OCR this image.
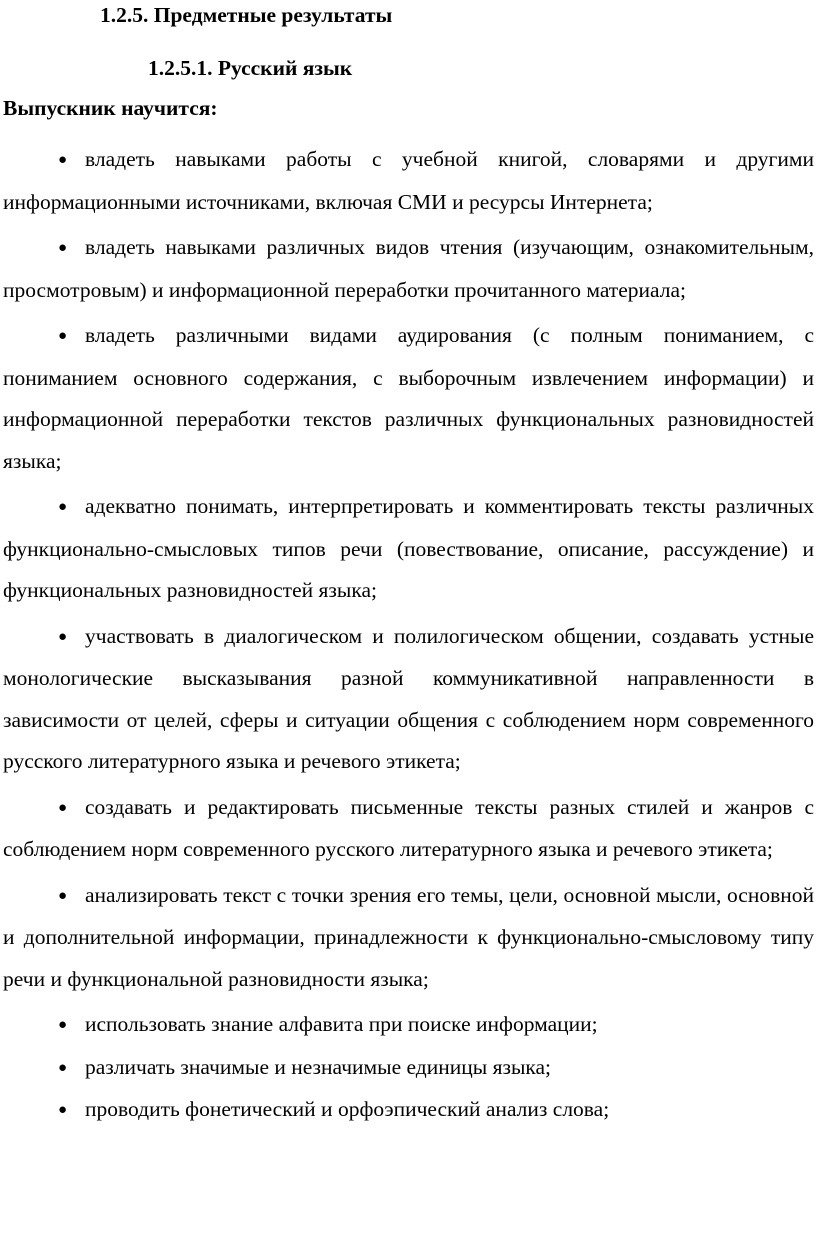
1.2.5. Предметные результаты
1.2.5.1. Русский язык
Выпускник научится:
● владеть навыками работы с учебной книгой, словарями и другими информационными источниками, включая СМИ и ресурсы Интернета;
● владеть навыками различных видов чтения (изучающим, ознакомительным, просмотровым) и информационной переработки прочитанного материала;
● владеть различными видами аудирования (с полным пониманием, с пониманием основного содержания, с выборочным извлечением информации) и информационной переработки текстов различных функциональных разновидностей языка;
● адекватно понимать, интерпретировать и комментировать тексты различных функционально-смысловых типов речи (повествование, описание, рассуждение) и функциональных разновидностей языка;
● участвовать в диалогическом и полилогическом общении, создавать устные монологические высказывания разной коммуникативной направленности в зависимости от целей, сферы и ситуации общения с соблюдением норм современного русского литературного языка и речевого этикета;
● создавать и редактировать письменные тексты разных стилей и жанров с соблюдением норм современного русского литературного языка и речевого этикета;
● анализировать текст с точки зрения его темы, цели, основной мысли, основной и дополнительной информации, принадлежности к функционально-смысловому типу речи и функциональной разновидности языка;
● использовать знание алфавита при поиске информации;
● различать значимые и незначимые единицы языка;
● проводить фонетический и орфоэпический анализ слова;
